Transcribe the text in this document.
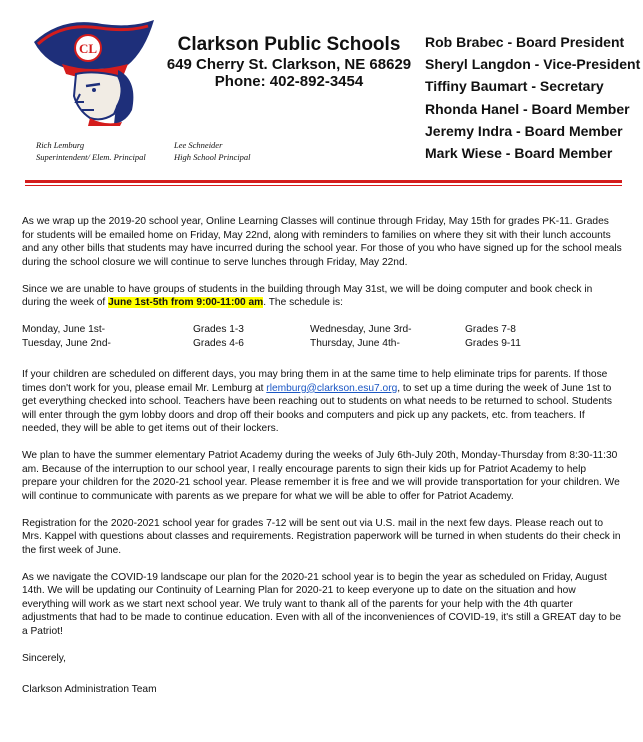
CL	Clarkson Public Schools
649 Cherry St. Clarkson, NE 68629
Phone: 402-892-3454
Rob Brabec - Board President
Sheryl Langdon - Vice-President
Tiffiny Baumart - Secretary
Rhonda Hanel - Board Member
Jeremy Indra - Board Member
Mark Wiese - Board Member
Rich Lemburg
Superintendent/ Elem. Principal
Lee Schneider
High School Principal

As we wrap up the 2019-20 school year, Online Learning Classes will continue through Friday, May 15th for grades PK-11. Grades for students will be emailed home on Friday, May 22nd, along with reminders to families on where they sit with their lunch accounts and any other bills that students may have incurred during the school year. For those of you who have signed up for the school meals during the school closure we will continue to serve lunches through Friday, May 22nd.

Since we are unable to have groups of students in the building through May 31st, we will be doing computer and book check in during the week of June 1st-5th from 9:00-11:00 am. The schedule is:

Monday, June 1st-	Grades 1-3	Wednesday, June 3rd-	Grades 7-8
Tuesday, June 2nd-	Grades 4-6	Thursday, June 4th-	Grades 9-11

If your children are scheduled on different days, you may bring them in at the same time to help eliminate trips for parents. If those times don't work for you, please email Mr. Lemburg at rlemburg@clarkson.esu7.org, to set up a time during the week of June 1st to get everything checked into school. Teachers have been reaching out to students on what needs to be returned to school. Students will enter through the gym lobby doors and drop off their books and computers and pick up any packets, etc. from teachers. If needed, they will be able to get items out of their lockers.

We plan to have the summer elementary Patriot Academy during the weeks of July 6th-July 20th, Monday-Thursday from 8:30-11:30 am. Because of the interruption to our school year, I really encourage parents to sign their kids up for Patriot Academy to help prepare your children for the 2020-21 school year. Please remember it is free and we will provide transportation for your children. We will continue to communicate with parents as we prepare for what we will be able to offer for Patriot Academy.

Registration for the 2020-2021 school year for grades 7-12 will be sent out via U.S. mail in the next few days. Please reach out to Mrs. Kappel with questions about classes and requirements. Registration paperwork will be turned in when students do their check in the first week of June.

As we navigate the COVID-19 landscape our plan for the 2020-21 school year is to begin the year as scheduled on Friday, August 14th. We will be updating our Continuity of Learning Plan for 2020-21 to keep everyone up to date on the situation and how everything will work as we start next school year. We truly want to thank all of the parents for your help with the 4th quarter adjustments that had to be made to continue education. Even with all of the inconveniences of COVID-19, it's still a GREAT day to be a Patriot!

Sincerely,

Clarkson Administration Team
